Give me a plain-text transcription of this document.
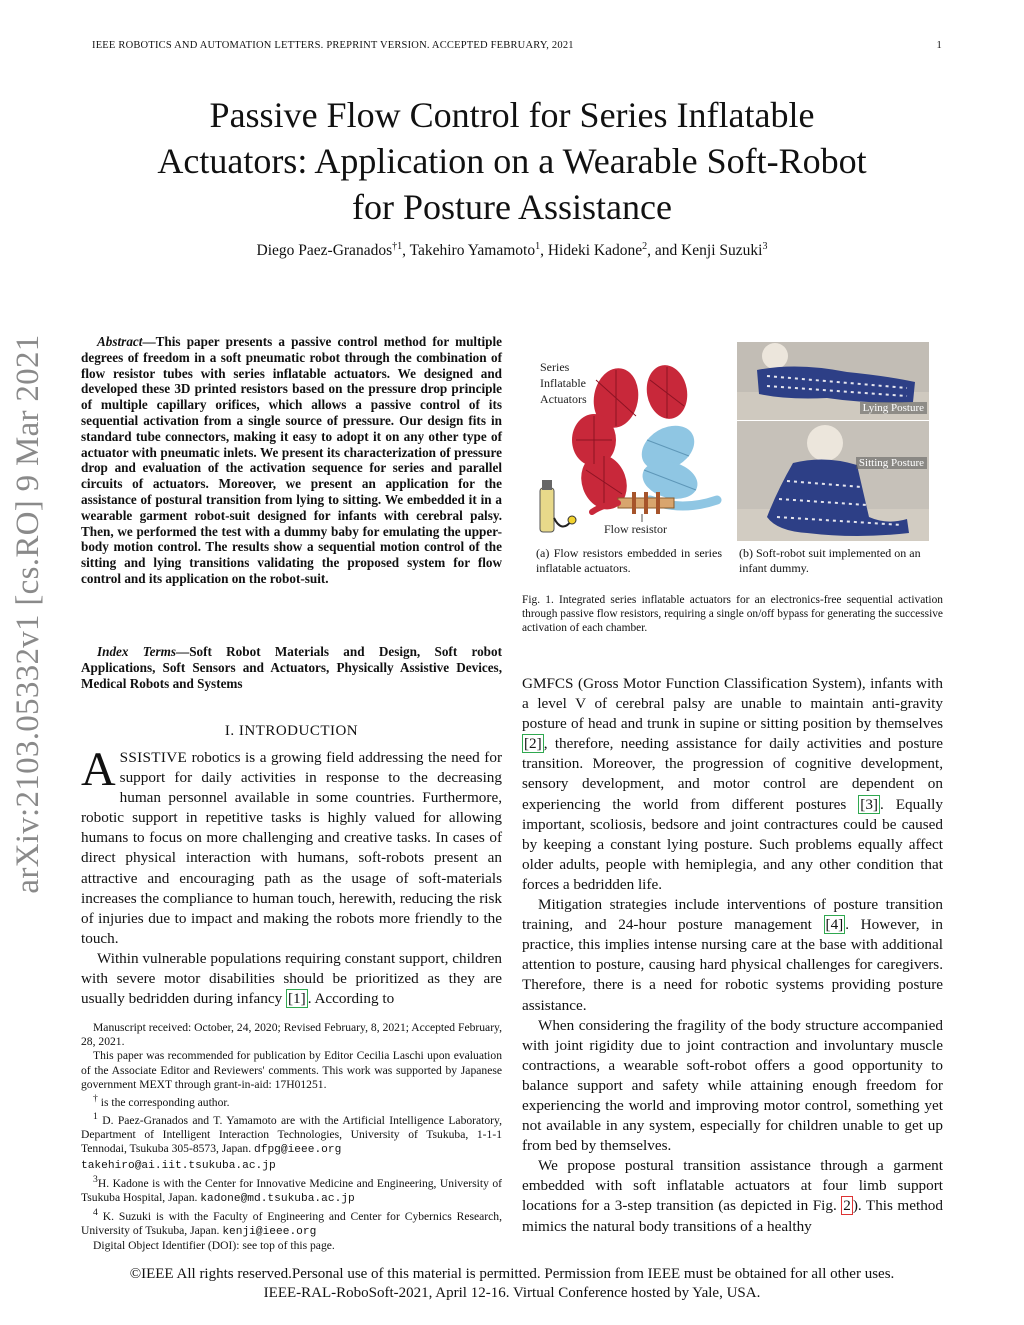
IEEE ROBOTICS AND AUTOMATION LETTERS. PREPRINT VERSION. ACCEPTED FEBRUARY, 2021	1
Passive Flow Control for Series Inflatable
Actuators: Application on a Wearable Soft-Robot
for Posture Assistance
Diego Paez-Granados$^{\dagger 1}$, Takehiro Yamamoto$^1$, Hideki Kadone$^2$, and Kenji Suzuki$^3$
arXiv:2103.05332v1 [cs.RO] 9 Mar 2021	Abstract—This paper presents a passive control method for multiple degrees of freedom in a soft pneumatic robot through the combination of flow resistor tubes with series inflatable actuators. We designed and developed these 3D printed resistors based on the pressure drop principle of multiple capillary orifices, which allows a passive control of its sequential activation from a single source of pressure. Our design fits in standard tube connectors, making it easy to adopt it on any other type of actuator with pneumatic inlets. We present its characterization of pressure drop and evaluation of the activation sequence for series and parallel circuits of actuators. Moreover, we present an application for the assistance of postural transition from lying to sitting. We embedded it in a wearable garment robot-suit designed for infants with cerebral palsy. Then, we performed the test with a dummy baby for emulating the upper-body motion control. The results show a sequential motion control of the sitting and lying transitions validating the proposed system for flow control and its application on the robot-suit.
Index Terms—Soft Robot Materials and Design, Soft robot Applications, Soft Sensors and Actuators, Physically Assistive Devices, Medical Robots and Systems
I. INTRODUCTION

ASSISTIVE robotics is a growing field addressing the need for support for daily activities in response to the decreasing human personnel available in some countries. Furthermore, robotic support in repetitive tasks is highly valued for allowing humans to focus on more challenging and creative tasks. In cases of direct physical interaction with humans, soft-robots present an attractive and encouraging path as the usage of soft-materials increases the compliance to human touch, herewith, reducing the risk of injuries due to impact and making the robots more friendly to the touch.

Within vulnerable populations requiring constant support, children with severe motor disabilities should be prioritized as they are usually bedridden during infancy [1] . According to

Manuscript received: October, 24, 2020; Revised February, 8, 2021; Accepted February, 28, 2021.

This paper was recommended for publication by Editor Cecilia Laschi upon evaluation of the Associate Editor and Reviewers' comments. This work was supported by Japanese government MEXT through grant-in-aid: 17H01251.

† is the corresponding author.

$^1$ D. Paez-Granados and T. Yamamoto are with the Artificial Intelligence Laboratory, Department of Intelligent Interaction Technologies, University of Tsukuba, 1-1-1 Tennodai, Tsukuba 305-8573, Japan. dfpg@ieee.org
takehiro@ai.iit.tsukuba.ac.jp

$^3$H. Kadone is with the Center for Innovative Medicine and Engineering, University of Tsukuba Hospital, Japan. kadone@md.tsukuba.ac.jp

$^4$ K. Suzuki is with the Faculty of Engineering and Center for Cybernics Research, University of Tsukuba, Japan. kenji@ieee.org

Digital Object Identifier (DOI): see top of this page.

Series
Inflatable
Actuators
Flow resistor
Lying Posture
Sitting Posture
(a) Flow resistors embedded in series inflatable actuators.
(b) Soft-robot suit implemented on an infant dummy.
Fig. 1. Integrated series inflatable actuators for an electronics-free sequential activation through passive flow resistors, requiring a single on/off bypass for generating the successive activation of each chamber.

GMFCS (Gross Motor Function Classification System), infants with a level V of cerebral palsy are unable to maintain anti-gravity posture of head and trunk in supine or sitting position by themselves [2] , therefore, needing assistance for daily activities and posture transition. Moreover, the progression of cognitive development, sensory development, and motor control are dependent on experiencing the world from different postures [3] . Equally important, scoliosis, bedsore and joint contractures could be caused by keeping a constant lying posture. Such problems equally affect older adults, people with hemiplegia, and any other condition that forces a bedridden life.

Mitigation strategies include interventions of posture transition training, and 24-hour posture management [4] . However, in practice, this implies intense nursing care at the base with additional attention to posture, causing hard physical challenges for caregivers. Therefore, there is a need for robotic systems providing posture assistance.

When considering the fragility of the body structure accompanied with joint rigidity due to joint contraction and involuntary muscle contractions, a wearable soft-robot offers a good opportunity to balance support and safety while attaining enough freedom for experiencing the world and improving motor control, something yet not available in any system, especially for children unable to get up from bed by themselves.

We propose postural transition assistance through a garment embedded with soft inflatable actuators at four limb support locations for a 3-step transition (as depicted in Fig. 2 ). This method mimics the natural body transitions of a healthy

©IEEE All rights reserved.Personal use of this material is permitted. Permission from IEEE must be obtained for all other uses.
IEEE-RAL-RoboSoft-2021, April 12-16. Virtual Conference hosted by Yale, USA.
